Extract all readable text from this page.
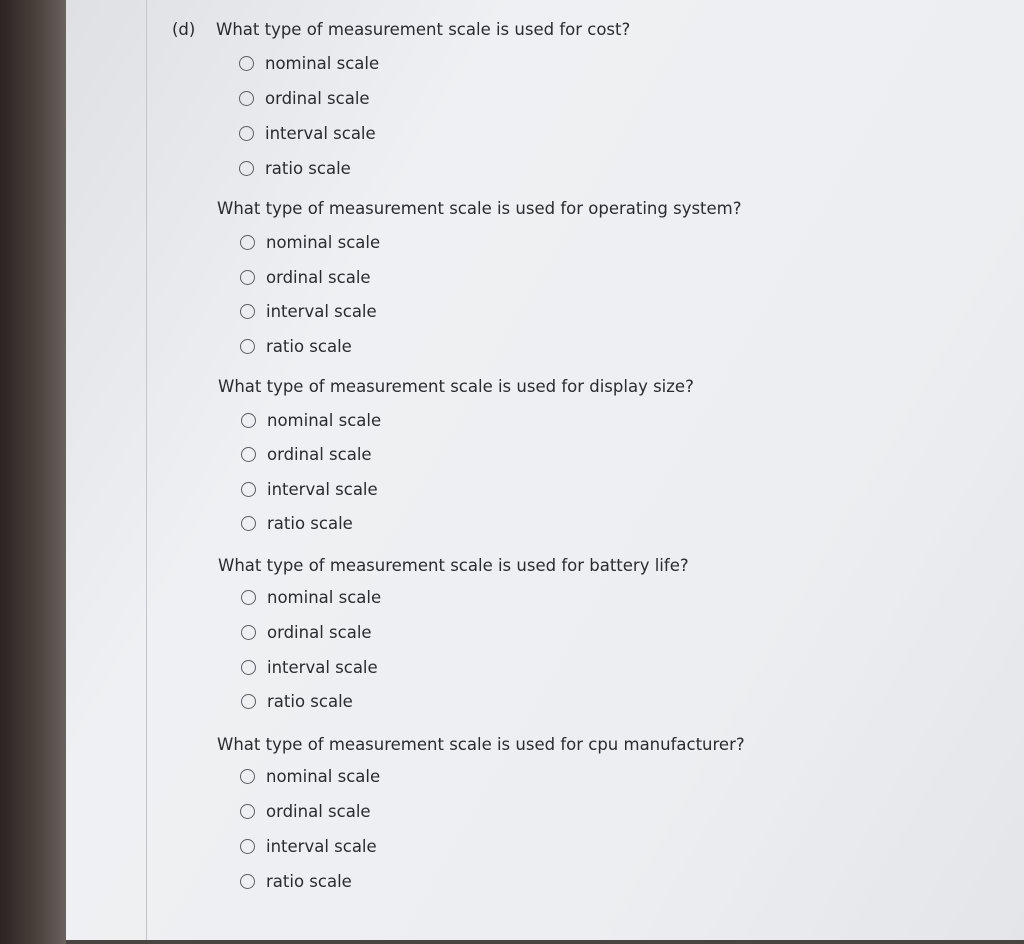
(d) What type of measurement scale is used for cost?
nominal scale
ordinal scale
interval scale
ratio scale
What type of measurement scale is used for operating system?
nominal scale
ordinal scale
interval scale
ratio scale
What type of measurement scale is used for display size?
nominal scale
ordinal scale
interval scale
ratio scale
What type of measurement scale is used for battery life?
nominal scale
ordinal scale
interval scale
ratio scale
What type of measurement scale is used for cpu manufacturer?
nominal scale
ordinal scale
interval scale
ratio scale
